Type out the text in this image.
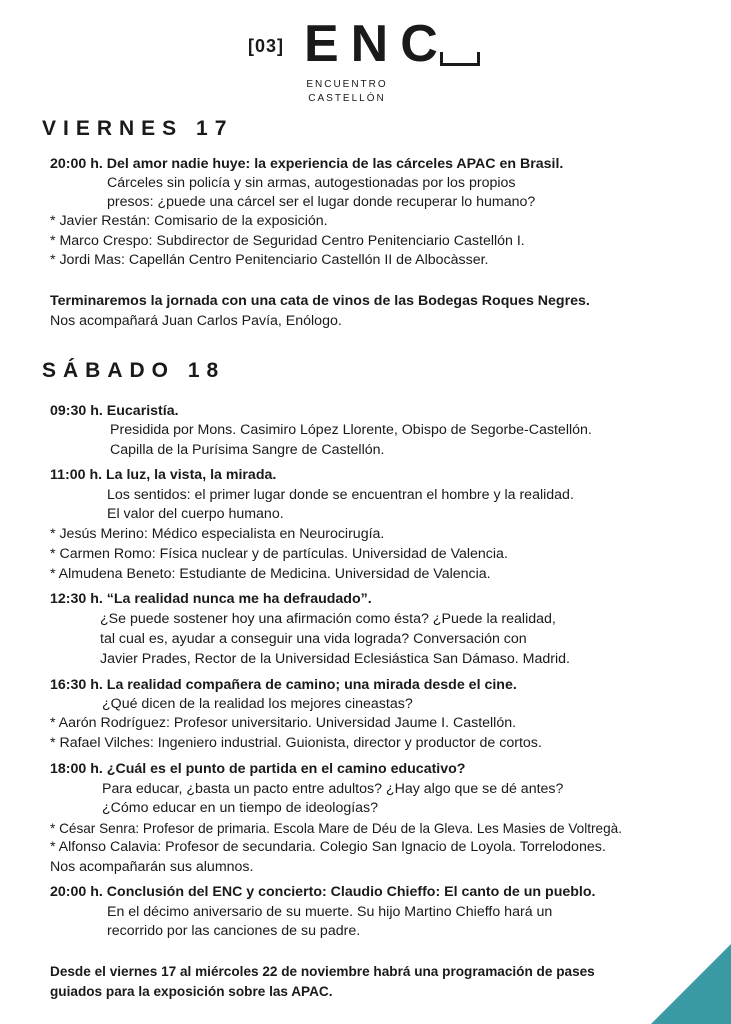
[03] ENC
ENCUENTRO
CASTELLÓN
VIERNES 17
20:00 h. Del amor nadie huye: la experiencia de las cárceles APAC en Brasil.
Cárceles sin policía y sin armas, autogestionadas por los propios
presos: ¿puede una cárcel ser el lugar donde recuperar lo humano?
* Javier Restán: Comisario de la exposición.
* Marco Crespo: Subdirector de Seguridad Centro Penitenciario Castellón I.
* Jordi Mas: Capellán Centro Penitenciario Castellón II de Albocàsser.
Terminaremos la jornada con una cata de vinos de las Bodegas Roques Negres.
Nos acompañará Juan Carlos Pavía, Enólogo.
SÁBADO 18
09:30 h. Eucaristía.
Presidida por Mons. Casimiro López Llorente, Obispo de Segorbe-Castellón.
Capilla de la Purísima Sangre de Castellón.
11:00 h. La luz, la vista, la mirada.
Los sentidos: el primer lugar donde se encuentran el hombre y la realidad.
El valor del cuerpo humano.
* Jesús Merino: Médico especialista en Neurocirugía.
* Carmen Romo: Física nuclear y de partículas. Universidad de Valencia.
* Almudena Beneto: Estudiante de Medicina. Universidad de Valencia.
12:30 h. “La realidad nunca me ha defraudado”.
¿Se puede sostener hoy una afirmación como ésta? ¿Puede la realidad,
tal cual es, ayudar a conseguir una vida lograda? Conversación con
Javier Prades, Rector de la Universidad Eclesiástica San Dámaso. Madrid.
16:30 h. La realidad compañera de camino; una mirada desde el cine.
¿Qué dicen de la realidad los mejores cineastas?
* Aarón Rodríguez: Profesor universitario. Universidad Jaume I. Castellón.
* Rafael Vilches: Ingeniero industrial. Guionista, director y productor de cortos.
18:00 h. ¿Cuál es el punto de partida en el camino educativo?
Para educar, ¿basta un pacto entre adultos? ¿Hay algo que se dé antes?
¿Cómo educar en un tiempo de ideologías?
* César Senra: Profesor de primaria. Escola Mare de Déu de la Gleva. Les Masies de Voltregà.
* Alfonso Calavia: Profesor de secundaria. Colegio San Ignacio de Loyola. Torrelodones.
Nos acompañarán sus alumnos.
20:00 h. Conclusión del ENC y concierto: Claudio Chieffo: El canto de un pueblo.
En el décimo aniversario de su muerte. Su hijo Martino Chieffo hará un
recorrido por las canciones de su padre.
Desde el viernes 17 al miércoles 22 de noviembre habrá una programación de pases
guiados para la exposición sobre las APAC.
